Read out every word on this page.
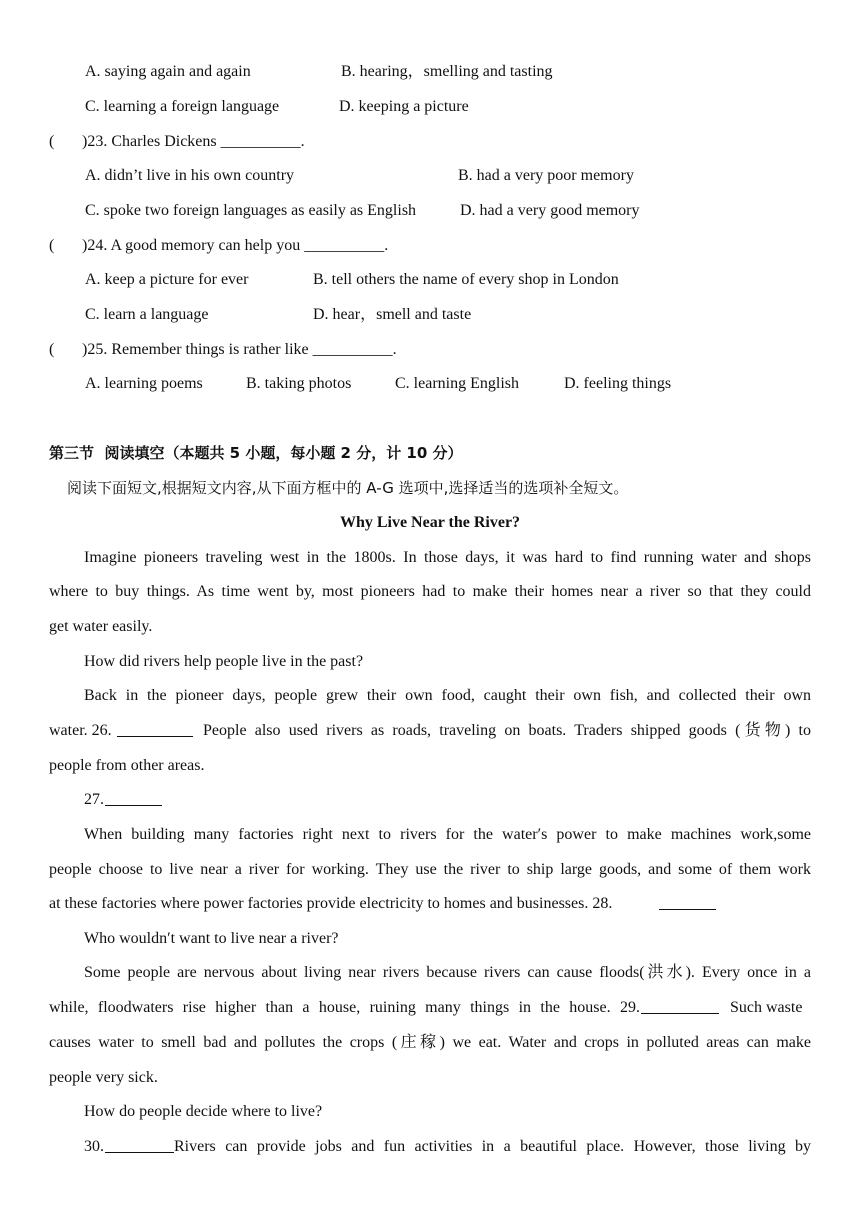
A. saying again and again	B. hearing，smelling and tasting
C. learning a foreign language	D. keeping a picture
( )23. Charles Dickens __________.
A. didn’t live in his own country	B. had a very poor memory
C. spoke two foreign languages as easily as English	D. had a very good memory
( )24. A good memory can help you __________.
A. keep a picture for ever	B. tell others the name of every shop in London
C. learn a language	D. hear，smell and taste
( )25. Remember things is rather like __________.
A. learning poems	B. taking photos	C. learning English	D. feeling things
第三节  阅读填空（本题共 5 小题，每小题 2 分，计 10 分）
阅读下面短文,根据短文内容,从下面方框中的 A-G 选项中,选择适当的选项补全短文。
Why Live Near the River?
Imagine pioneers traveling west in the 1800s. In those days, it was hard to find running water and shops
where to buy things. As time went by, most pioneers had to make their homes near a river so that they could
get water easily.
How did rivers help people live in the past?
Back in the pioneer days, people grew their own food, caught their own fish, and collected their own
water. 26.	People also used rivers as roads, traveling on boats. Traders shipped goods (货物) to
people from other areas.
27.
When building many factories right next to rivers for the water′s power to make machines work,some
people choose to live near a river for working. They use the river to ship large goods, and some of them work
at these factories where power factories provide electricity to homes and businesses. 28.
Who wouldn′t want to live near a river?
Some people are nervous about living near rivers because rivers can cause floods(洪水). Every once in a
while, floodwaters rise higher than a house, ruining many things in the house. 29.	Such waste
causes water to smell bad and pollutes the crops (庄稼) we eat. Water and crops in polluted areas can make
people very sick.
How do people decide where to live?
30.	Rivers can provide jobs and fun activities in a beautiful place. However, those living by
